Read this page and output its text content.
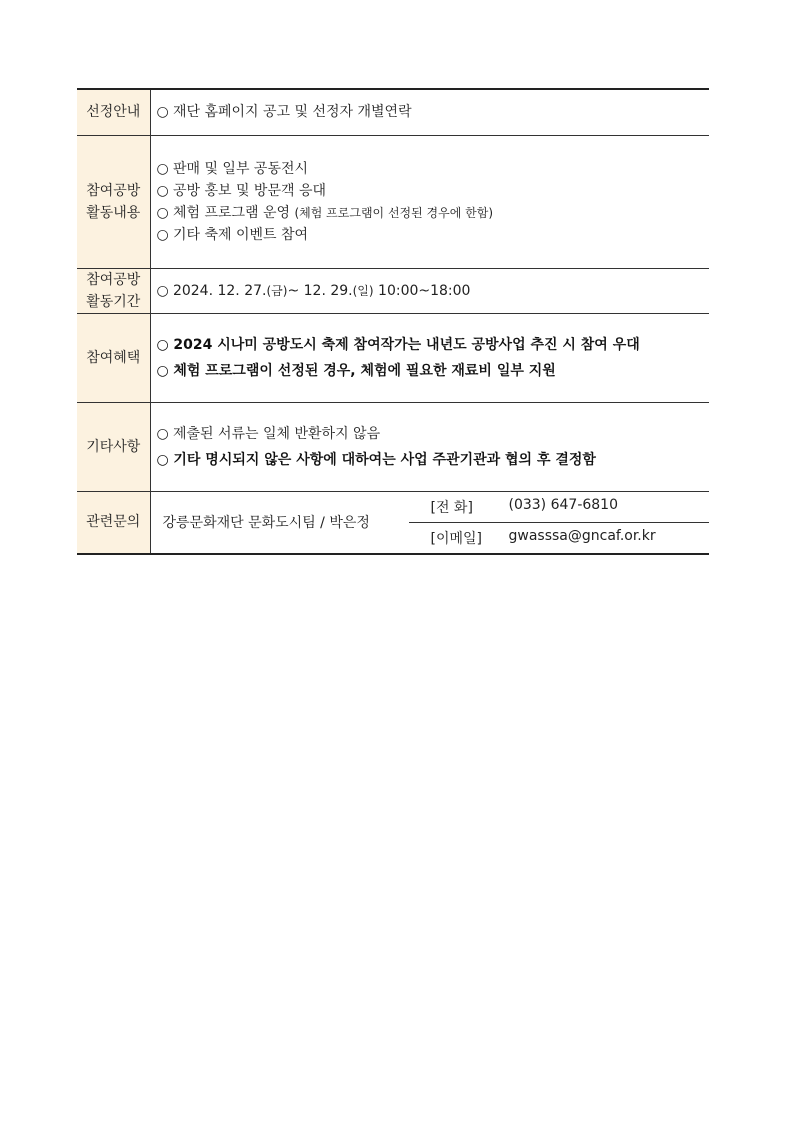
선정안내	○ 재단 홈페이지 공고 및 선정자 개별연락

참여공방
활동내용	○ 판매 및 일부 공동전시
○ 공방 홍보 및 방문객 응대
○ 체험 프로그램 운영 (체험 프로그램이 선정된 경우에 한함)
○ 기타 축제 이벤트 참여

참여공방
활동기간	○ 2024. 12. 27.(금)~ 12. 29.(일) 10:00~18:00

참여혜택	○ 2024 시나미 공방도시 축제 참여작가는 내년도 공방사업 추진 시 참여 우대
○ 체험 프로그램이 선정된 경우, 체험에 필요한 재료비 일부 지원

기타사항	○ 제출된 서류는 일체 반환하지 않음
○ 기타 명시되지 않은 사항에 대하여는 사업 주관기관과 협의 후 결정함

관련문의	강릉문화재단 문화도시팀 / 박은정
[전 화] (033) 647-6810
[이메일] gwasssa@gncaf.or.kr
